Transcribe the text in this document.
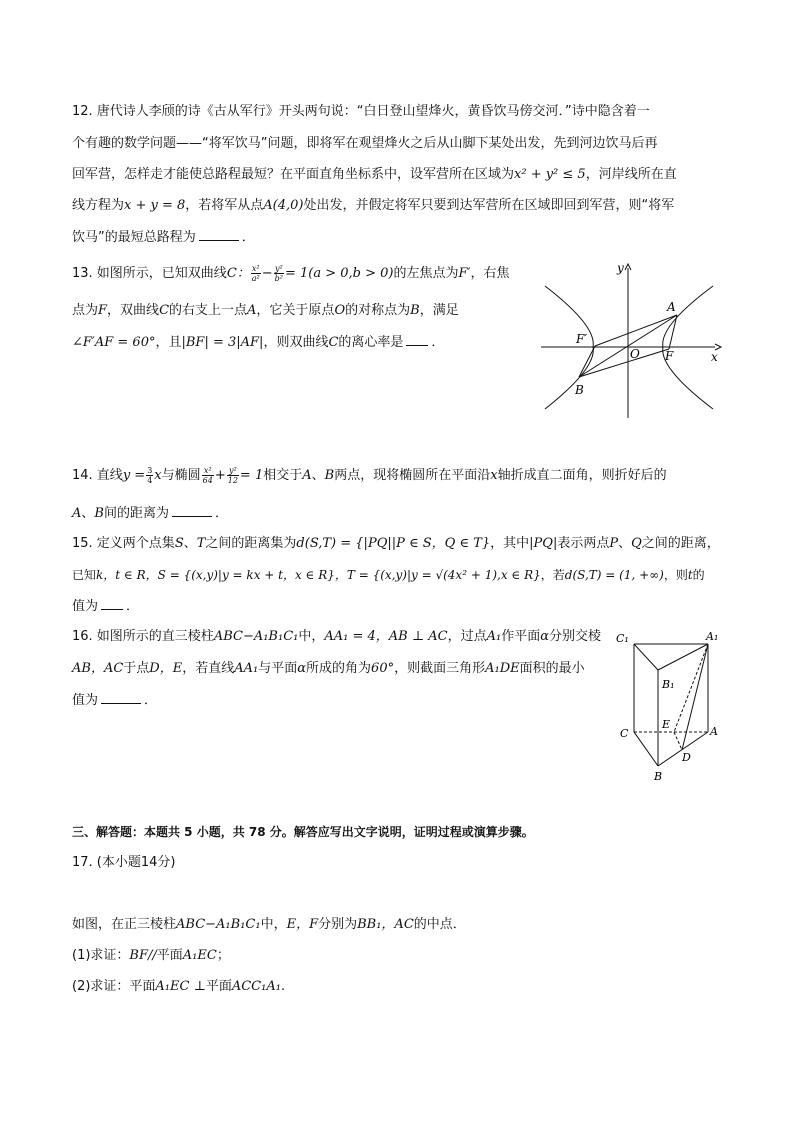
12. 唐代诗人李颀的诗《古从军行》开头两句说：“白日登山望烽火，黄昏饮马傍交河．”诗中隐含着一
个有趣的数学问题——“将军饮马”问题，即将军在观望烽火之后从山脚下某处出发，先到河边饮马后再
回军营，怎样走才能使总路程最短？在平面直角坐标系中，设军营所在区域为x² + y² ≤ 5，河岸线所在直
线方程为x + y = 8，若将军从点A(4,0)处出发，并假定将军只要到达军营所在区域即回到军营，则“将军
饮马”的最短总路程为	．
13. 如图所示，已知双曲线C： $\frac{\text{x²}}{\text{a²}} - \frac{\text{y²}}{\text{b²}} = 1(a > 0,b > 0)$的左焦点为F′，右焦
点为F，双曲线C的右支上一点A，它关于原点O的对称点为B，满足
∠F′AF = 60°，且|BF| = 3|AF|，则双曲线C的离心率是 ．
y
x
A
B
F
F′
O
14. 直线$y = \frac{3}{4}$ x与椭圆 $\frac{\text{x²}}{64} + \frac{\text{y²}}{12} = 1$相交于A、B两点，现将椭圆所在平面沿x轴折成直二面角，则折好后的
A、B间的距离为	．
15. 定义两个点集S、T之间的距离集为d(S,T) = {|PQ||P ∈ S，Q ∈ T}，其中|PQ|表示两点P、Q之间的距离，
已知k，t ∈ R，S = {(x,y)|y = kx + t，x ∈ R}，T = {(x,y)|y = √(4x² + 1),x ∈ R}，若d(S,T) = (1, +∞)，则t的
值为 ．
16. 如图所示的直三棱柱ABC−A₁B₁C₁中，AA₁ = 4，AB ⊥ AC，过点A₁作平面α分别交棱
AB，AC于点D，E，若直线AA₁与平面α所成的角为60°，则截面三角形A₁DE面积的最小
值为	．
C₁	A₁
B₁
C	A
E
D
B
三、解答题：本题共 5 小题，共 78 分。解答应写出文字说明，证明过程或演算步骤。
17. (本小题14分)
如图，在正三棱柱ABC−A₁B₁C₁中，E，F分别为BB₁，AC的中点．
(1)求证：BF//平面A₁EC；
(2)求证：平面A₁EC ⊥平面ACC₁A₁.
